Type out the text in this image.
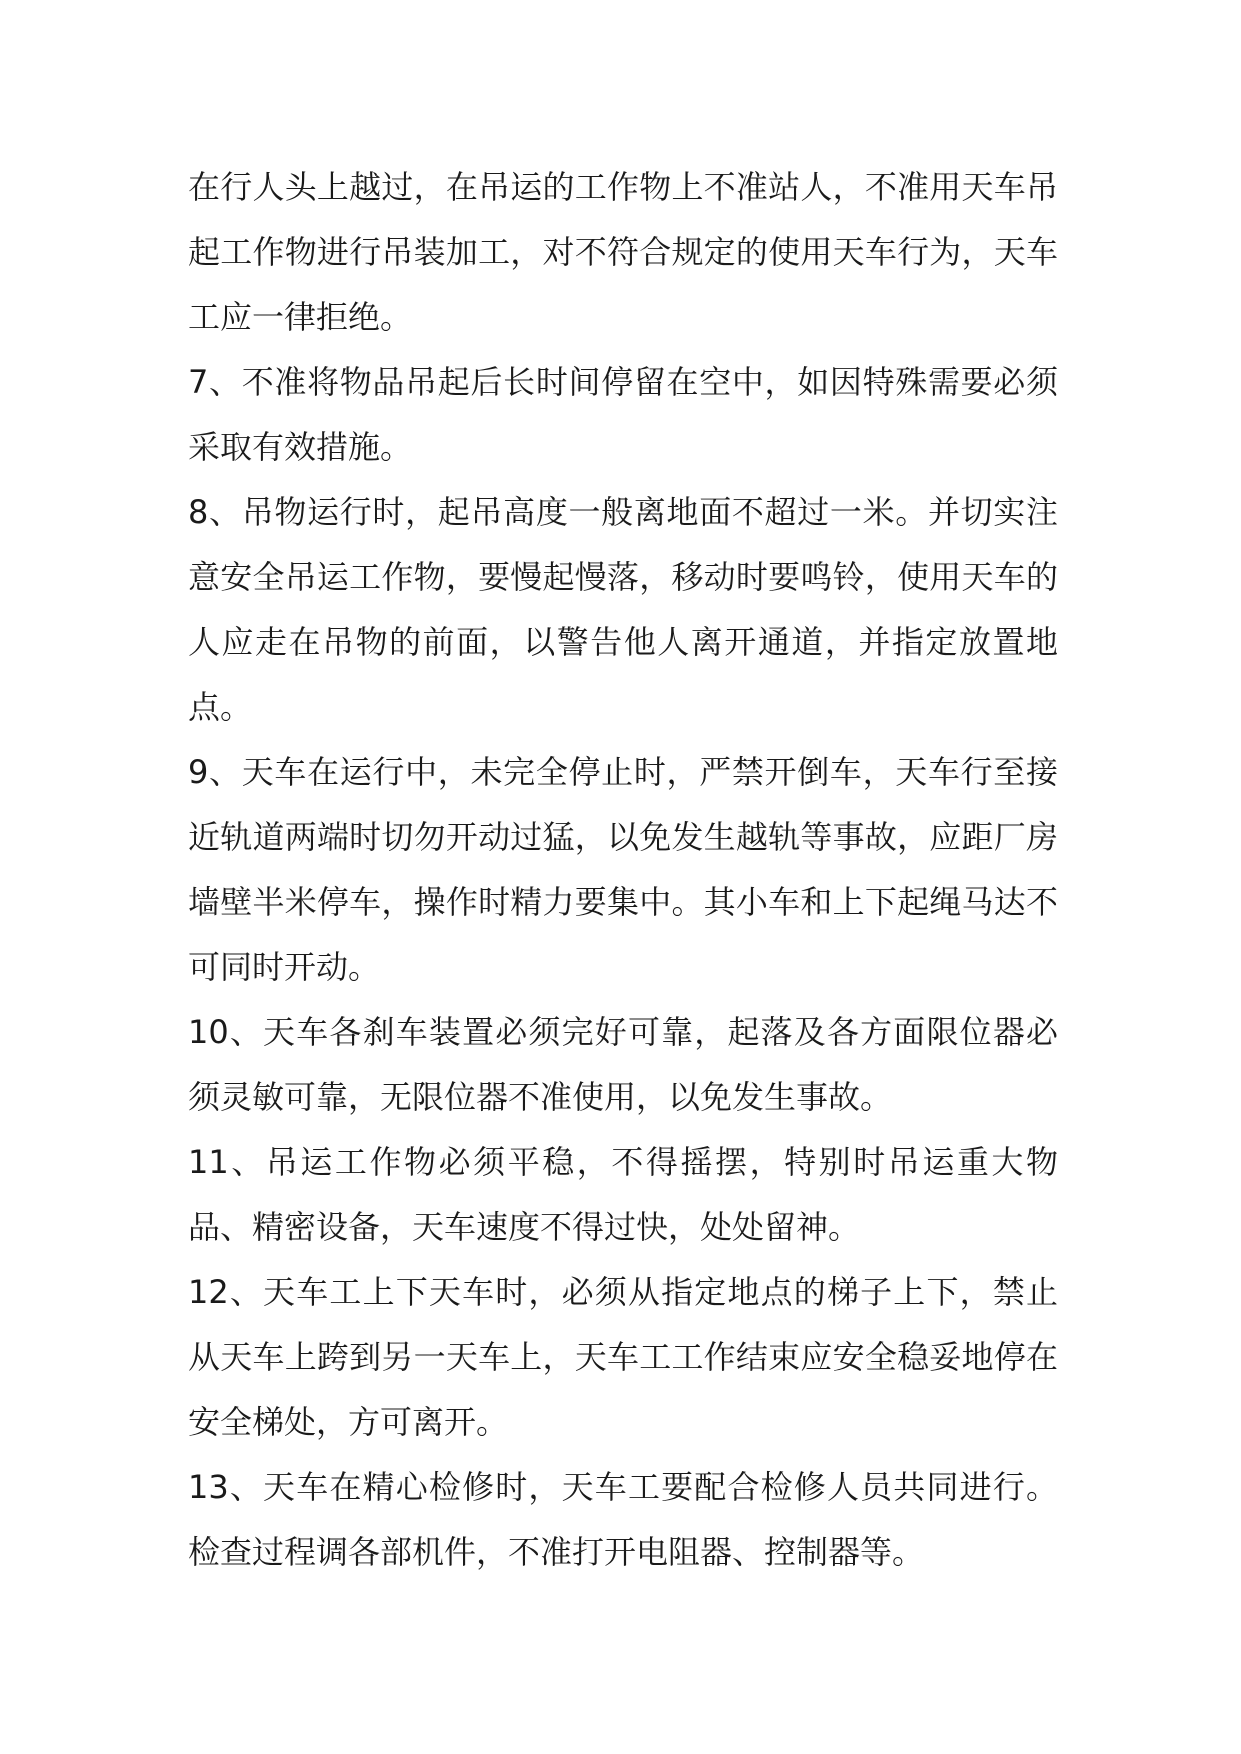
在行人头上越过，在吊运的工作物上不准站人，不准用天车吊起工作物进行吊装加工，对不符合规定的使用天车行为，天车工应一律拒绝。

7、不准将物品吊起后长时间停留在空中，如因特殊需要必须采取有效措施。

8、吊物运行时，起吊高度一般离地面不超过一米。并切实注意安全吊运工作物，要慢起慢落，移动时要鸣铃，使用天车的人应走在吊物的前面，以警告他人离开通道，并指定放置地点。

9、天车在运行中，未完全停止时，严禁开倒车，天车行至接近轨道两端时切勿开动过猛，以免发生越轨等事故，应距厂房墙壁半米停车，操作时精力要集中。其小车和上下起绳马达不可同时开动。

10、天车各刹车装置必须完好可靠，起落及各方面限位器必须灵敏可靠，无限位器不准使用，以免发生事故。

11、吊运工作物必须平稳，不得摇摆，特别时吊运重大物品、精密设备，天车速度不得过快，处处留神。

12、天车工上下天车时，必须从指定地点的梯子上下，禁止从天车上跨到另一天车上，天车工工作结束应安全稳妥地停在安全梯处，方可离开。

13、天车在精心检修时，天车工要配合检修人员共同进行。检查过程调各部机件，不准打开电阻器、控制器等。
